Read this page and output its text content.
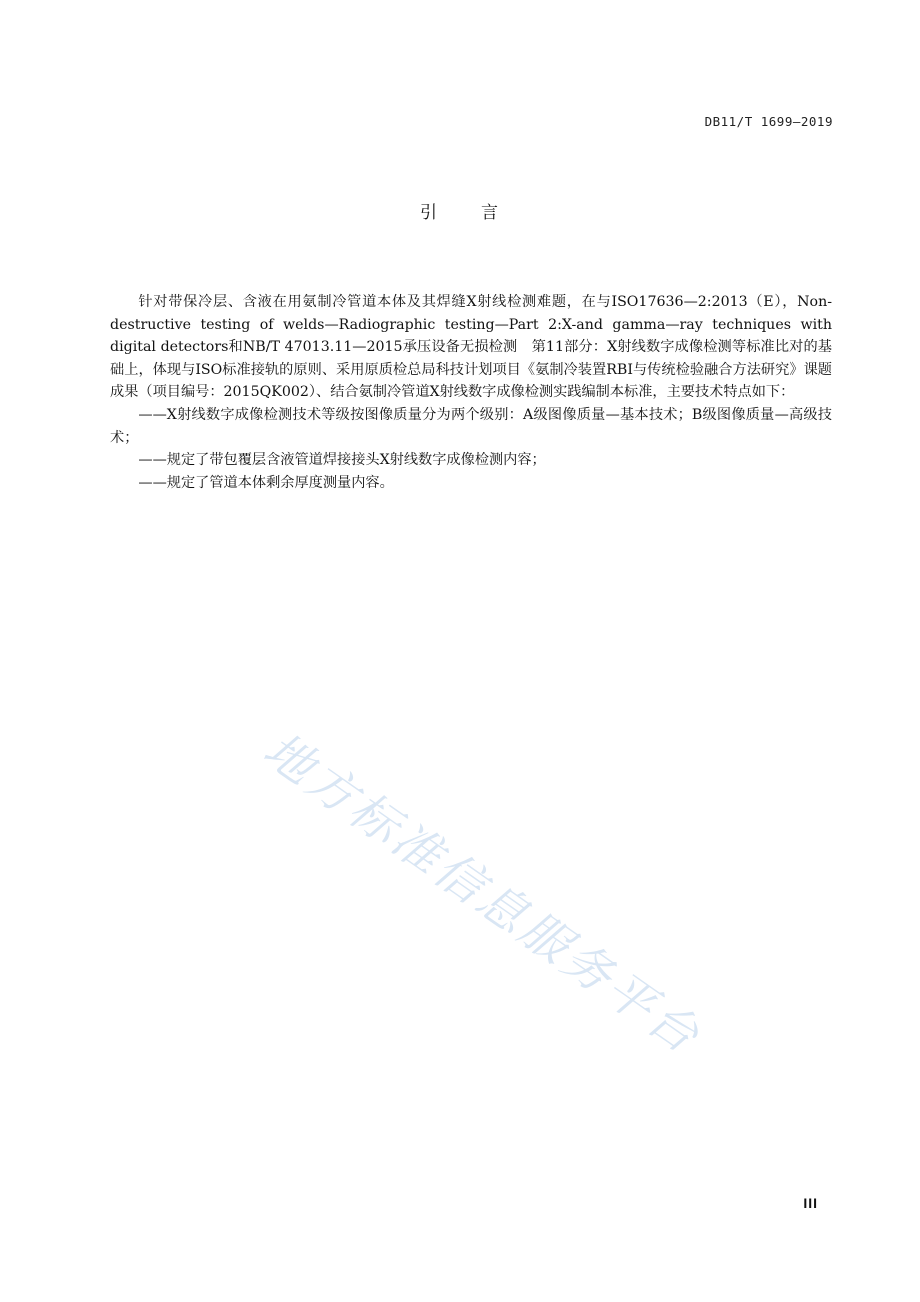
DB11/T 1699—2019
引 言

针对带保冷层、含液在用氨制冷管道本体及其焊缝X射线检测难题，在与ISO17636—2:2013（E），Non-destructive testing of welds—Radiographic testing—Part 2:X-and gamma—ray techniques with digital detectors和NB/T 47013.11—2015承压设备无损检测　第11部分：X射线数字成像检测等标准比对的基础上，体现与ISO标准接轨的原则、采用原质检总局科技计划项目《氨制冷装置RBI与传统检验融合方法研究》课题成果（项目编号：2015QK002）、结合氨制冷管道X射线数字成像检测实践编制本标准，主要技术特点如下：

——X射线数字成像检测技术等级按图像质量分为两个级别：A级图像质量—基本技术；B级图像质量—高级技术；

——规定了带包覆层含液管道焊接接头X射线数字成像检测内容；

——规定了管道本体剩余厚度测量内容。

地方标准信息服务平台
III
